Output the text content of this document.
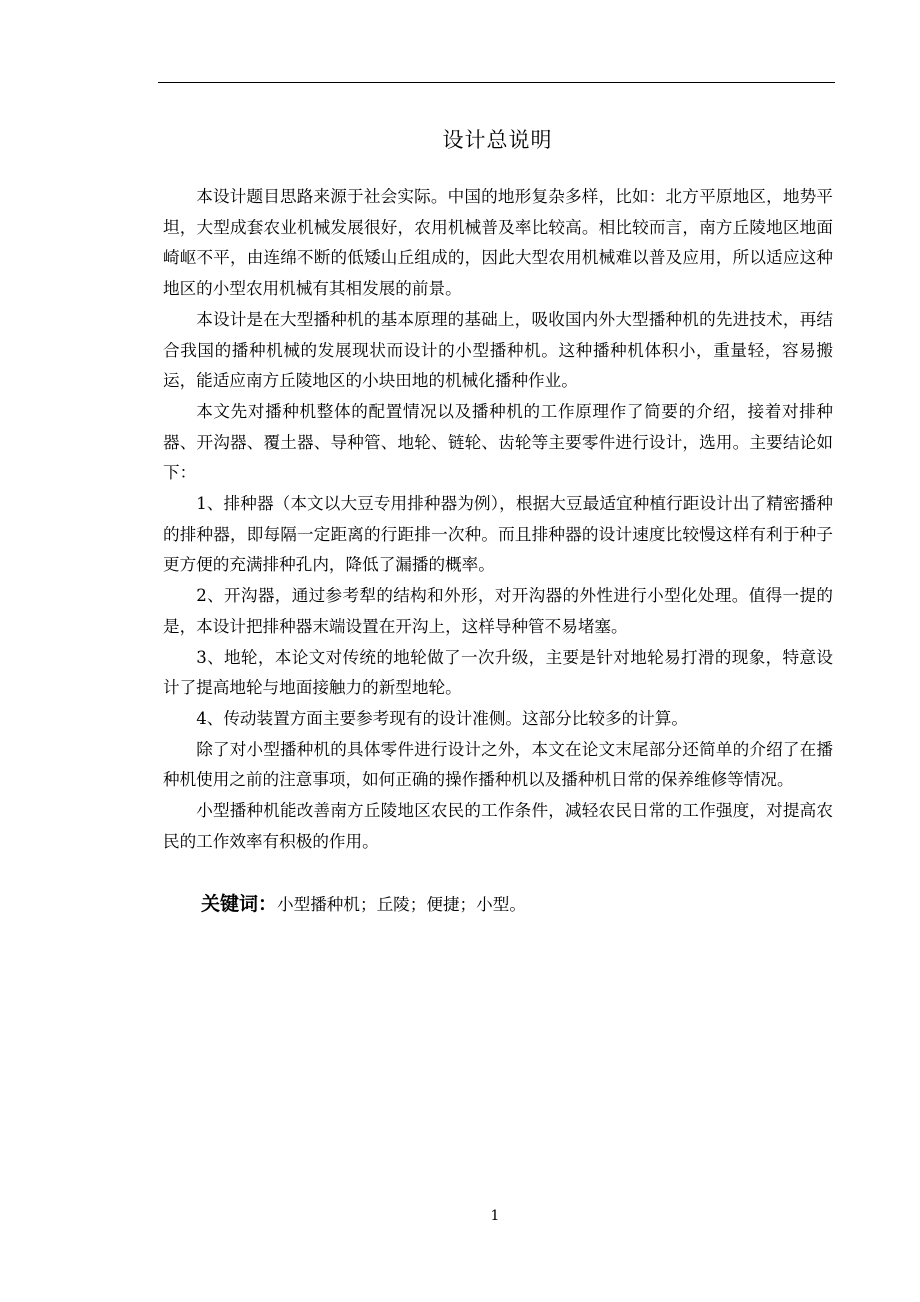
设计总说明

本设计题目思路来源于社会实际。中国的地形复杂多样，比如：北方平原地区，地势平坦，大型成套农业机械发展很好，农用机械普及率比较高。相比较而言，南方丘陵地区地面崎岖不平，由连绵不断的低矮山丘组成的，因此大型农用机械难以普及应用，所以适应这种地区的小型农用机械有其相发展的前景。

本设计是在大型播种机的基本原理的基础上，吸收国内外大型播种机的先进技术，再结合我国的播种机械的发展现状而设计的小型播种机。这种播种机体积小，重量轻，容易搬运，能适应南方丘陵地区的小块田地的机械化播种作业。

本文先对播种机整体的配置情况以及播种机的工作原理作了简要的介绍，接着对排种器、开沟器、覆土器、导种管、地轮、链轮、齿轮等主要零件进行设计，选用。主要结论如下：

1、排种器（本文以大豆专用排种器为例），根据大豆最适宜种植行距设计出了精密播种的排种器，即每隔一定距离的行距排一次种。而且排种器的设计速度比较慢这样有利于种子更方便的充满排种孔内，降低了漏播的概率。

2、开沟器，通过参考犁的结构和外形，对开沟器的外性进行小型化处理。值得一提的是，本设计把排种器末端设置在开沟上，这样导种管不易堵塞。

3、地轮，本论文对传统的地轮做了一次升级，主要是针对地轮易打滑的现象，特意设计了提高地轮与地面接触力的新型地轮。

4、传动装置方面主要参考现有的设计准侧。这部分比较多的计算。

除了对小型播种机的具体零件进行设计之外，本文在论文末尾部分还简单的介绍了在播种机使用之前的注意事项，如何正确的操作播种机以及播种机日常的保养维修等情况。

小型播种机能改善南方丘陵地区农民的工作条件，减轻农民日常的工作强度，对提高农民的工作效率有积极的作用。

关键词：小型播种机；丘陵；便捷；小型。
1
